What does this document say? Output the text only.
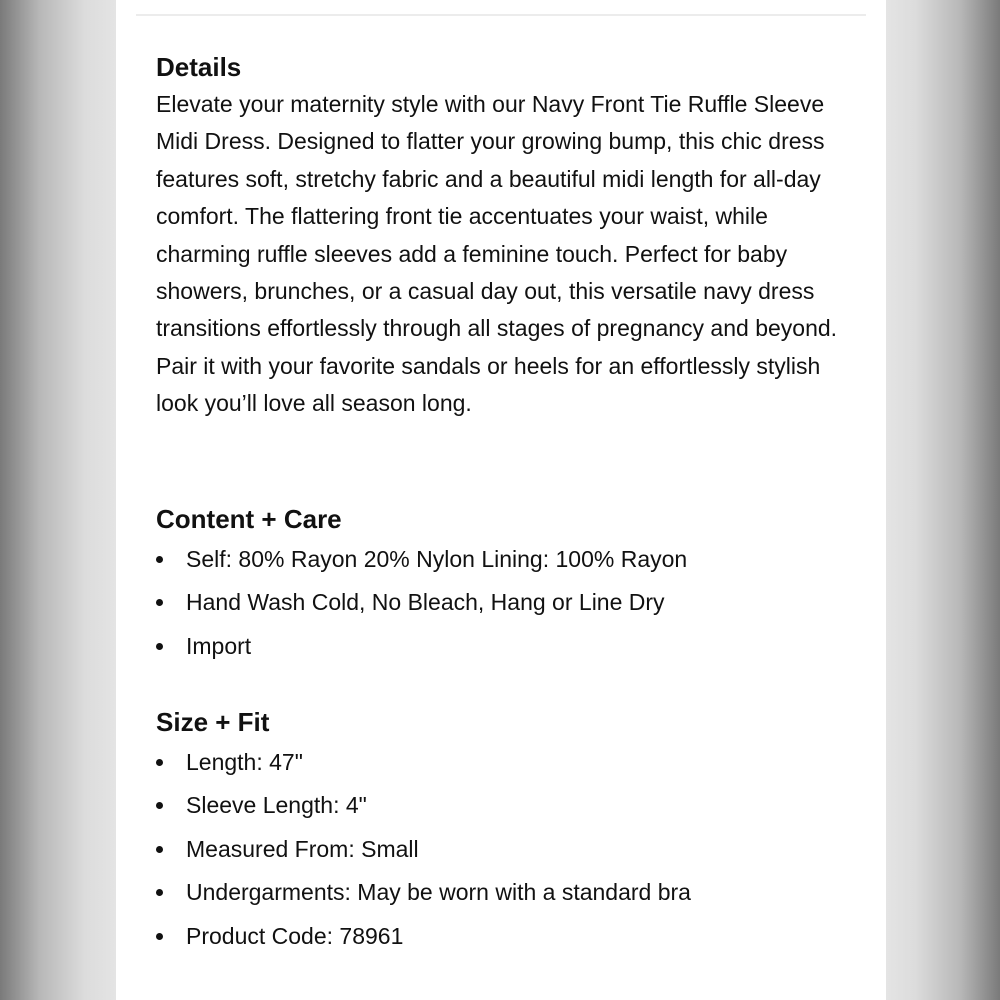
Details

Elevate your maternity style with our Navy Front Tie Ruffle Sleeve Midi Dress. Designed to flatter your growing bump, this chic dress features soft, stretchy fabric and a beautiful midi length for all-day comfort. The flattering front tie accentuates your waist, while charming ruffle sleeves add a feminine touch. Perfect for baby showers, brunches, or a casual day out, this versatile navy dress transitions effortlessly through all stages of pregnancy and beyond. Pair it with your favorite sandals or heels for an effortlessly stylish look you’ll love all season long.

Content + Care
Self: 80% Rayon 20% Nylon Lining: 100% Rayon
Hand Wash Cold, No Bleach, Hang or Line Dry
Import
Size + Fit
Length: 47"
Sleeve Length: 4"
Measured From: Small
Undergarments: May be worn with a standard bra
Product Code: 78961
